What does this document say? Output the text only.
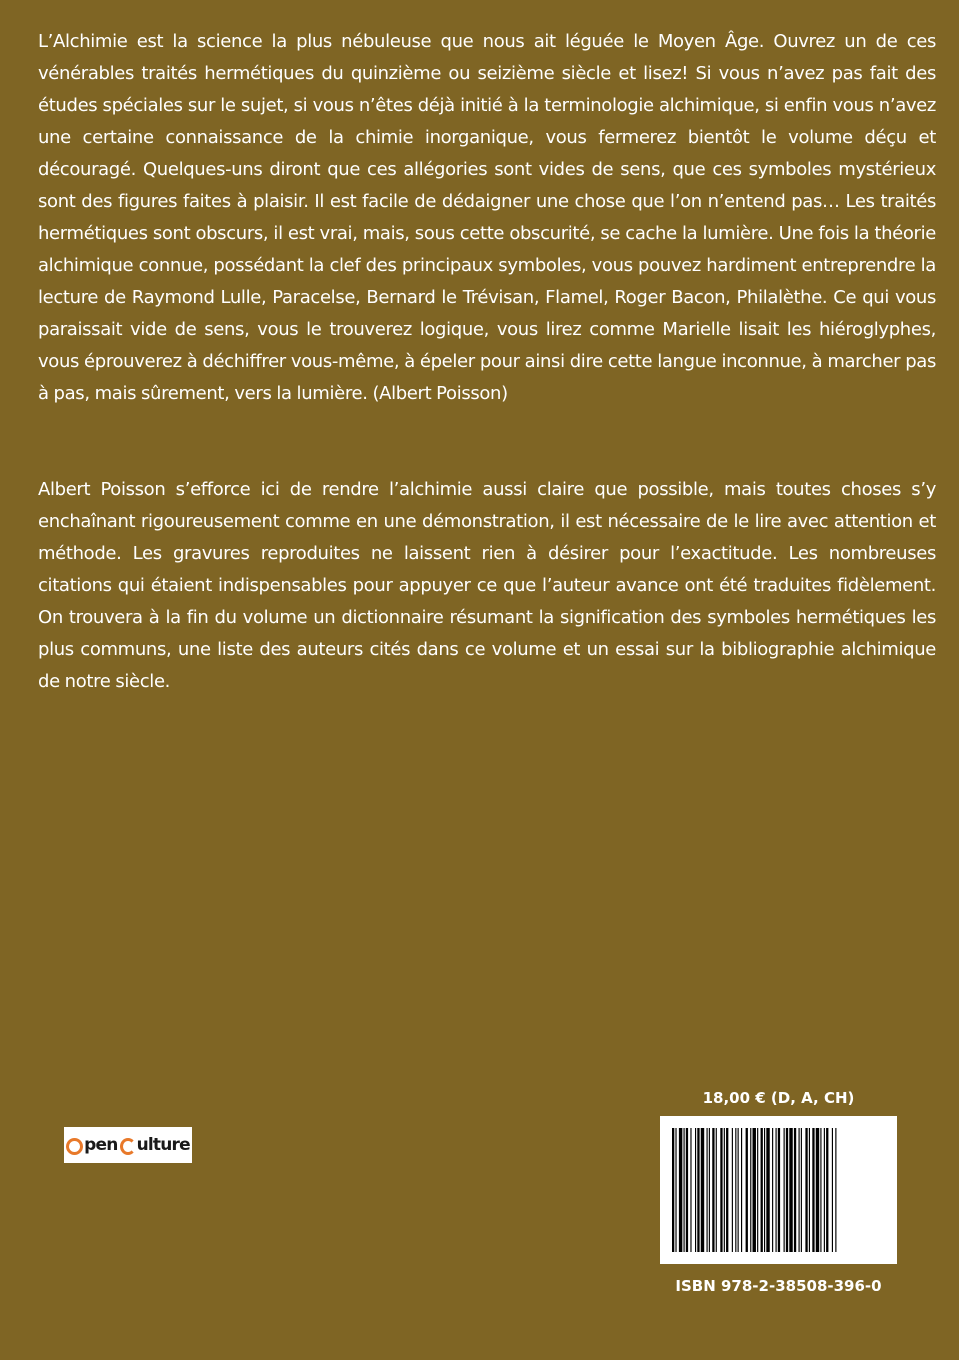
L’Alchimie est la science la plus nébuleuse que nous ait léguée le Moyen Âge. Ouvrez un de ces vénérables traités hermétiques du quinzième ou seizième siècle et lisez! Si vous n’avez pas fait des études spéciales sur le sujet, si vous n’êtes déjà initié à la terminologie alchimique, si enfin vous n’avez une certaine connaissance de la chimie inorganique, vous fermerez bientôt le volume déçu et découragé. Quelques-uns diront que ces allégories sont vides de sens, que ces symboles mystérieux sont des figures faites à plaisir. Il est facile de dédaigner une chose que l’on n’entend pas… Les traités hermétiques sont obscurs, il est vrai, mais, sous cette obscurité, se cache la lumière. Une fois la théorie alchimique connue, possédant la clef des principaux symboles, vous pouvez hardiment entreprendre la lecture de Raymond Lulle, Paracelse, Bernard le Trévisan, Flamel, Roger Bacon, Philalèthe. Ce qui vous paraissait vide de sens, vous le trouverez logique, vous lirez comme Marielle lisait les hiéroglyphes, vous éprouverez à déchiffrer vous-même, à épeler pour ainsi dire cette langue inconnue, à marcher pas à pas, mais sûrement, vers la lumière. (Albert Poisson)

Albert Poisson s’efforce ici de rendre l’alchimie aussi claire que possible, mais toutes choses s’y enchaînant rigoureusement comme en une démonstration, il est nécessaire de le lire avec attention et méthode. Les gravures reproduites ne laissent rien à désirer pour l’exactitude. Les nombreuses citations qui étaient indispensables pour appuyer ce que l’auteur avance ont été traduites fidèlement. On trouvera à la fin du volume un dictionnaire résumant la signification des symboles hermétiques les plus communs, une liste des auteurs cités dans ce volume et un essai sur la bibliographie alchimique de notre siècle.

pen ulture
18,00 € (D, A, CH)
ISBN 978-2-38508-396-0
